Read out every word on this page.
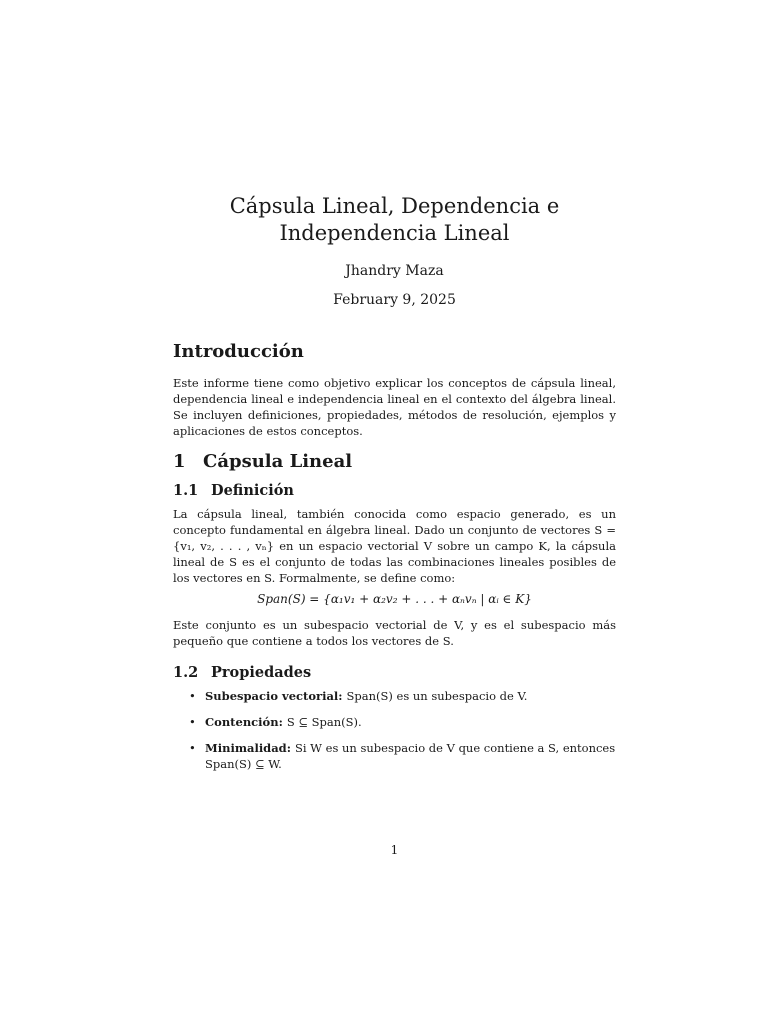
Cápsula Lineal, Dependencia e Independencia Lineal
Jhandry Maza
February 9, 2025
Introducción

Este informe tiene como objetivo explicar los conceptos de cápsula lineal, dependencia lineal e independencia lineal en el contexto del álgebra lineal. Se incluyen definiciones, propiedades, métodos de resolución, ejemplos y aplicaciones de estos conceptos.

1 Cápsula Lineal
1.1 Definición

La cápsula lineal, también conocida como espacio generado, es un concepto fundamental en álgebra lineal. Dado un conjunto de vectores S = {v₁, v₂, . . . , vₙ} en un espacio vectorial V sobre un campo K, la cápsula lineal de S es el conjunto de todas las combinaciones lineales posibles de los vectores en S. Formalmente, se define como:

Span(S) = {α₁v₁ + α₂v₂ + . . . + αₙvₙ | αᵢ ∈ K}

Este conjunto es un subespacio vectorial de V, y es el subespacio más pequeño que contiene a todos los vectores de S.

1.2 Propiedades
• Subespacio vectorial: Span(S) es un subespacio de V.
• Contención: S ⊆ Span(S).
• Minimalidad: Si W es un subespacio de V que contiene a S, entonces Span(S) ⊆ W.
1
